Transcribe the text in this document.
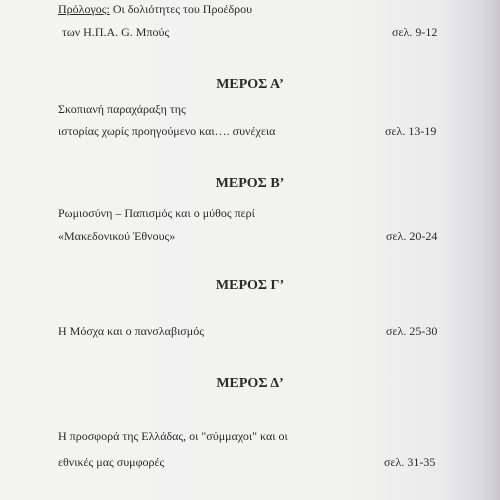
Πρόλογος: Οι δολιότητες του Προέδρου
των Η.Π.Α. G. Μπούς	σελ. 9-12
ΜΕΡΟΣ Α’
Σκοπιανή παραχάραξη της
ιστορίας χωρίς προηγούμενο και…. συνέχεια	σελ. 13-19
ΜΕΡΟΣ Β’
Ρωμιοσύνη – Παπισμός και ο μύθος περί
«Μακεδονικού Έθνους»	σελ. 20-24
ΜΕΡΟΣ Γ’
Η Μόσχα και ο πανσλαβισμός	σελ. 25-30
ΜΕΡΟΣ Δ’
Η προσφορά της Ελλάδας, οι "σύμμαχοι" και οι
εθνικές μας συμφορές	σελ. 31-35
